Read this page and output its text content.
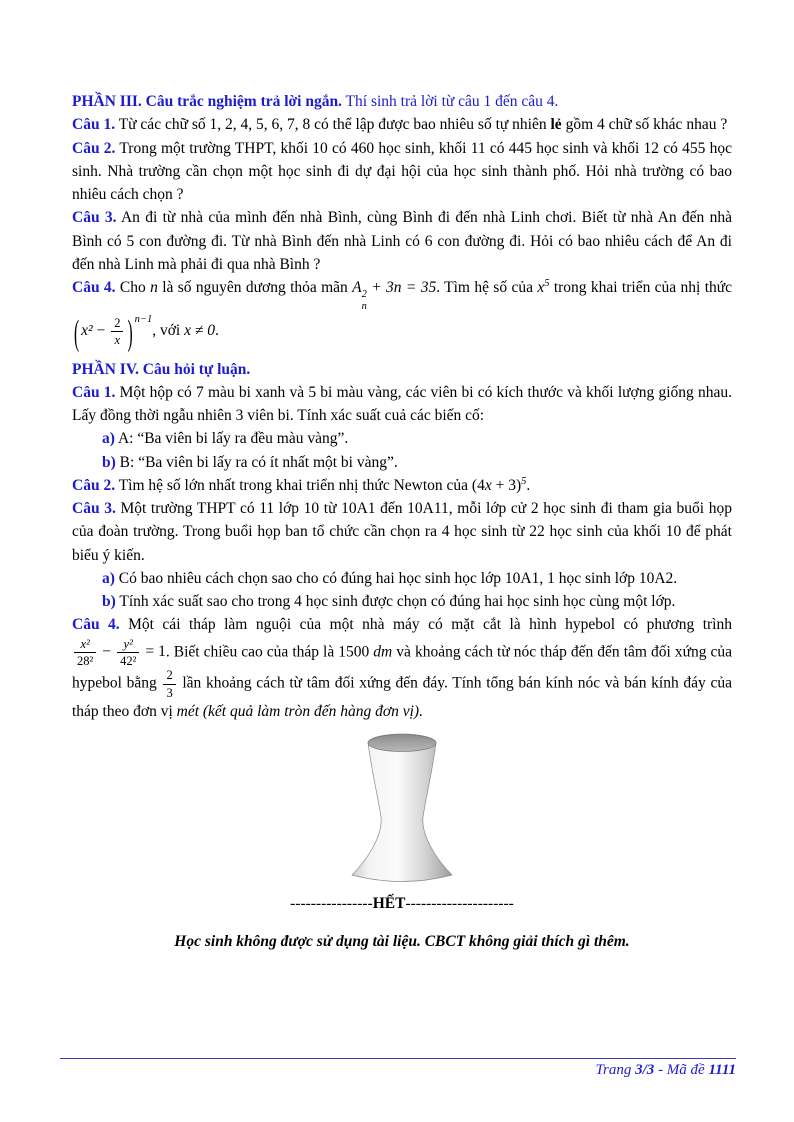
PHẦN III. Câu trắc nghiệm trả lời ngắn. Thí sinh trả lời từ câu 1 đến câu 4.

Câu 1. Từ các chữ số 1, 2, 4, 5, 6, 7, 8 có thể lập được bao nhiêu số tự nhiên lẻ gồm 4 chữ số khác nhau ?

Câu 2. Trong một trường THPT, khối 10 có 460 học sinh, khối 11 có 445 học sinh và khối 12 có 455 học sinh. Nhà trường cần chọn một học sinh đi dự đại hội của học sinh thành phố. Hỏi nhà trường có bao nhiêu cách chọn ?

Câu 3. An đi từ nhà của mình đến nhà Bình, cùng Bình đi đến nhà Linh chơi. Biết từ nhà An đến nhà Bình có 5 con đường đi. Từ nhà Bình đến nhà Linh có 6 con đường đi. Hỏi có bao nhiêu cách để An đi đến nhà Linh mà phải đi qua nhà Bình ?

Câu 4. Cho n là số nguyên dương thỏa mãn A 2
n
+ 3n = 35. Tìm hệ số của $x^5$ trong khai triển của nhị thức ( $x^2 - \frac{2}{x}$ ) $^{n-1}$, với x ≠ 0.

PHẦN IV. Câu hỏi tự luận.

Câu 1. Một hộp có 7 màu bi xanh và 5 bi màu vàng, các viên bi có kích thước và khối lượng giống nhau. Lấy đồng thời ngẫu nhiên 3 viên bi. Tính xác suất cuả các biến cố:

a) A: “Ba viên bi lấy ra đều màu vàng”.

b) B: “Ba viên bi lấy ra có ít nhất một bi vàng”.

Câu 2. Tìm hệ số lớn nhất trong khai triển nhị thức Newton của $(4x + 3)^5$.

Câu 3. Một trường THPT có 11 lớp 10 từ 10A1 đến 10A11, mỗi lớp cử 2 học sinh đi tham gia buổi họp của đoàn trường. Trong buổi họp ban tổ chức cần chọn ra 4 học sinh từ 22 học sinh của khối 10 để phát biểu ý kiến.

a) Có bao nhiêu cách chọn sao cho có đúng hai học sinh học lớp 10A1, 1 học sinh lớp 10A2.

b) Tính xác suất sao cho trong 4 học sinh được chọn có đúng hai học sinh học cùng một lớp.

Câu 4. Một cái tháp làm nguội của một nhà máy có mặt cắt là hình hypebol có phương trình
$\frac{\text{x²}}{\text{28²}} - \frac{\text{y²}}{\text{42²}} = 1$. Biết chiều cao của tháp là 1500 dm và khoảng cách từ nóc tháp đến đến tâm đối xứng của hypebol bằng $\frac{2}{3}$ lần khoảng cách từ tâm đối xứng đến đáy. Tính tổng bán kính nóc và bán kính đáy của tháp theo đơn vị mét (kết quả làm tròn đến hàng đơn vị).

----------------HẾT---------------------

Học sinh không được sử dụng tài liệu. CBCT không giải thích gì thêm.

Trang 3/3 - Mã đề 1111
